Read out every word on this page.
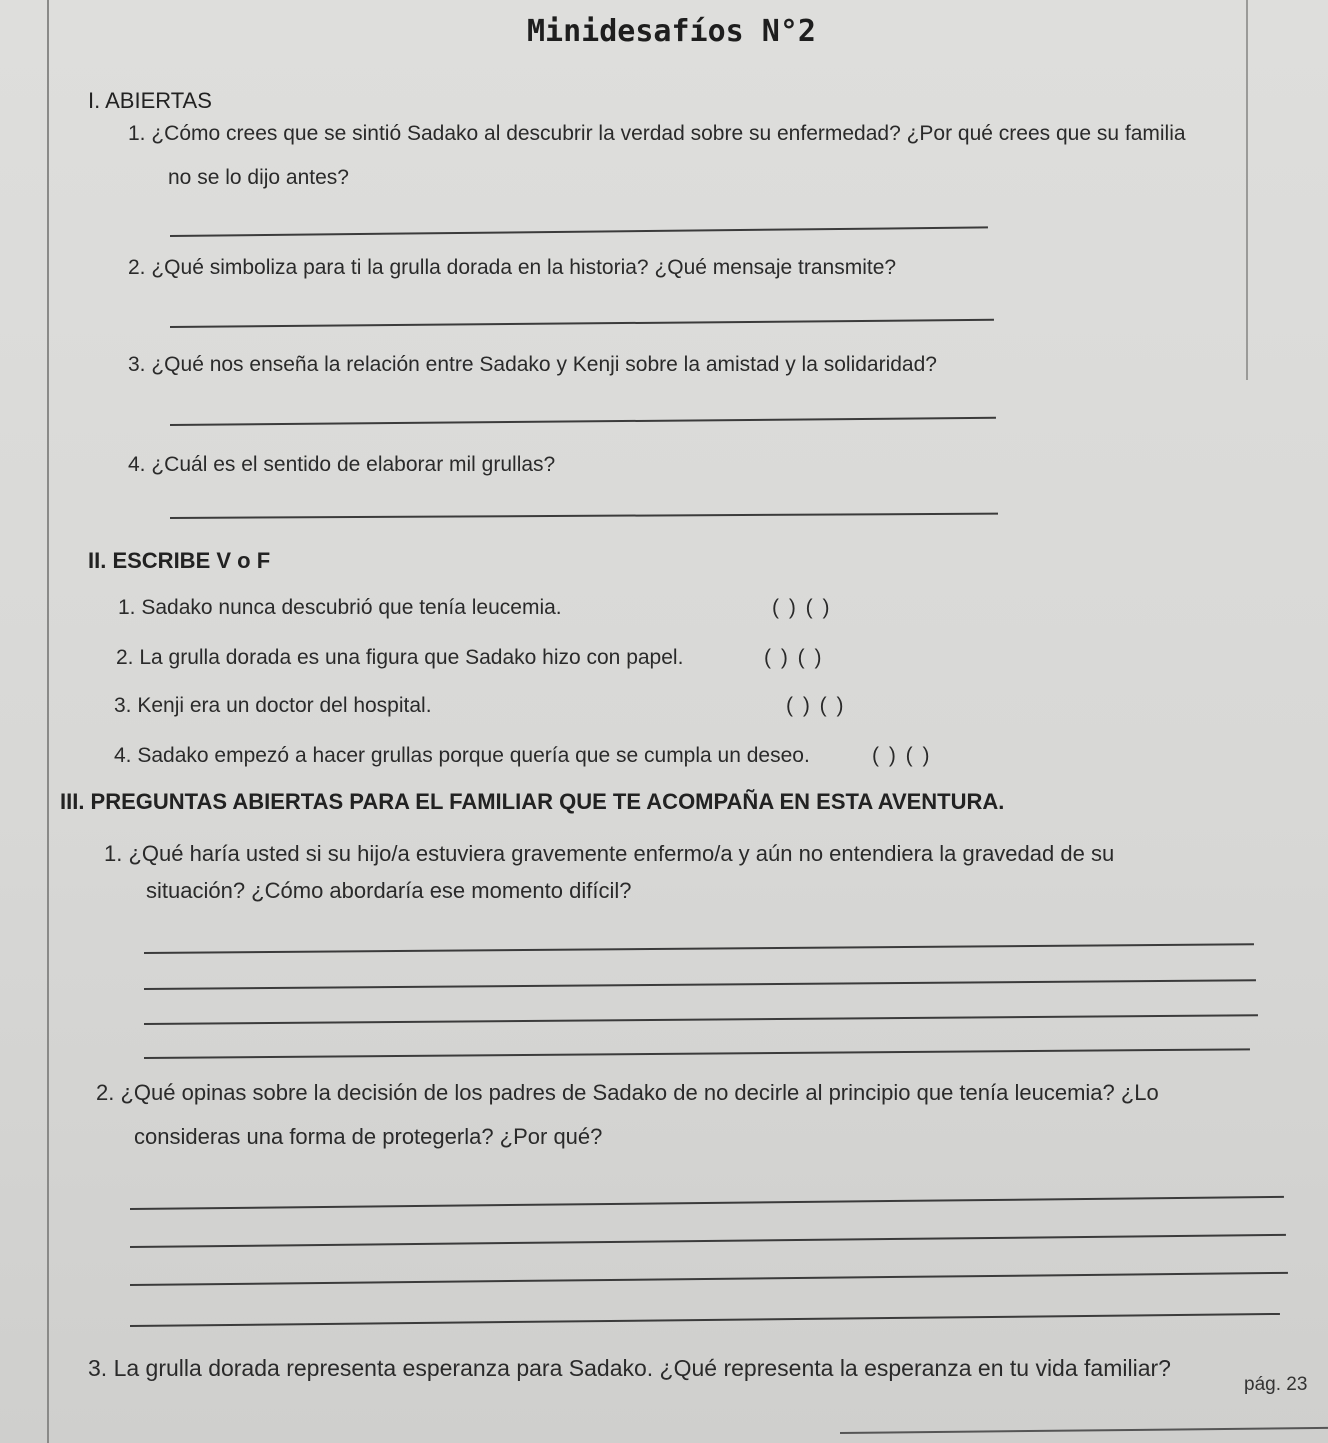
Minidesafíos N°2
I. ABIERTAS
1. ¿Cómo crees que se sintió Sadako al descubrir la verdad sobre su enfermedad? ¿Por qué crees que su familia
no se lo dijo antes?
2. ¿Qué simboliza para ti la grulla dorada en la historia? ¿Qué mensaje transmite?
3. ¿Qué nos enseña la relación entre Sadako y Kenji sobre la amistad y la solidaridad?
4. ¿Cuál es el sentido de elaborar mil grullas?
II. ESCRIBE V o F
1. Sadako nunca descubrió que tenía leucemia.	( ) ( )
2. La grulla dorada es una figura que Sadako hizo con papel.	( ) ( )
3. Kenji era un doctor del hospital.	( ) ( )
4. Sadako empezó a hacer grullas porque quería que se cumpla un deseo.	( ) ( )
III. PREGUNTAS ABIERTAS PARA EL FAMILIAR QUE TE ACOMPAÑA EN ESTA AVENTURA.
1. ¿Qué haría usted si su hijo/a estuviera gravemente enfermo/a y aún no entendiera la gravedad de su
situación? ¿Cómo abordaría ese momento difícil?
2. ¿Qué opinas sobre la decisión de los padres de Sadako de no decirle al principio que tenía leucemia? ¿Lo
consideras una forma de protegerla? ¿Por qué?
3. La grulla dorada representa esperanza para Sadako. ¿Qué representa la esperanza en tu vida familiar?
pág. 23
